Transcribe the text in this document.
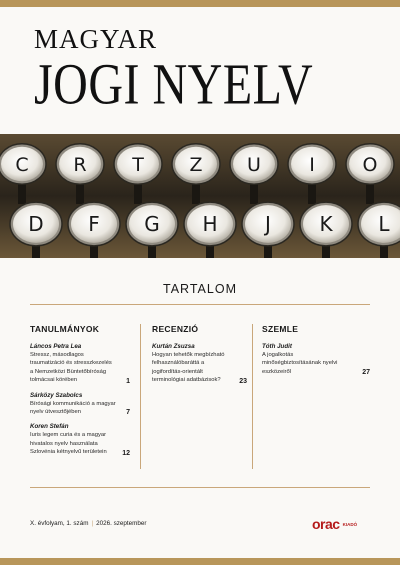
MAGYAR
JOGI NYELV
C R T Z U	I	O
D F G H J K L
TARTALOM
TANULMÁNYOK
Láncos Petra Lea
Stressz, másodlagos traumatizáció és stresszkezelés a Nemzetközi Büntetőbíróság tolmácsai körében	1
Sárközy Szabolcs
Bírósági kommunikáció a magyar nyelv útvesztőjében	7
Koren Stefán
Iuris legem curia és a magyar hivatalos nyelv használata Szlovénia kétnyelvű területein	12
RECENZIÓ
Kurtán Zsuzsa
Hogyan tehetők megbízható felhasználóbaráttá a jogifordítás-orientált terminológiai adatbázisok?	23
SZEMLE
Tóth Judit
A jogalkotás minőségbiztosításának nyelvi eszközeiről	27
X. évfolyam, 1. szám | 2026. szeptember	orac KIADÓ
